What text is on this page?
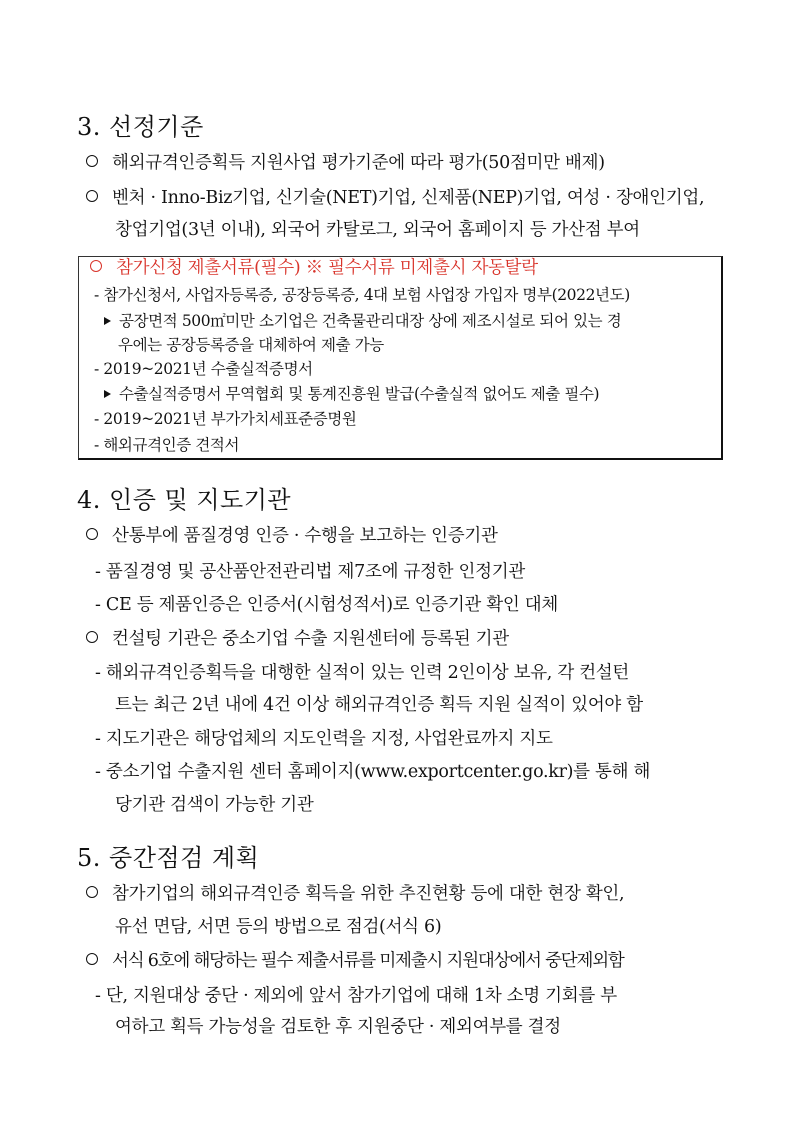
3. 선정기준
해외규격인증획득 지원사업 평가기준에 따라 평가(50점미만 배제)
벤처 · Inno-Biz기업, 신기술(NET)기업, 신제품(NEP)기업, 여성 · 장애인기업,
창업기업(3년 이내), 외국어 카탈로그, 외국어 홈페이지 등 가산점 부여
참가신청 제출서류(필수) ※ 필수서류 미제출시 자동탈락
- 참가신청서, 사업자등록증, 공장등록증, 4대 보험 사업장 가입자 명부(2022년도)
공장면적 500㎡미만 소기업은 건축물관리대장 상에 제조시설로 되어 있는 경
우에는 공장등록증을 대체하여 제출 가능
- 2019~2021년 수출실적증명서
수출실적증명서 무역협회 및 통계진흥원 발급(수출실적 없어도 제출 필수)
- 2019~2021년 부가가치세표준증명원
- 해외규격인증 견적서
4. 인증 및 지도기관
산통부에 품질경영 인증 · 수행을 보고하는 인증기관
- 품질경영 및 공산품안전관리법 제7조에 규정한 인정기관
- CE 등 제품인증은 인증서(시험성적서)로 인증기관 확인 대체
컨설팅 기관은 중소기업 수출 지원센터에 등록된 기관
- 해외규격인증획득을 대행한 실적이 있는 인력 2인이상 보유, 각 컨설턴
트는 최근 2년 내에 4건 이상 해외규격인증 획득 지원 실적이 있어야 함
- 지도기관은 해당업체의 지도인력을 지정, 사업완료까지 지도
- 중소기업 수출지원 센터 홈페이지(www.exportcenter.go.kr)를 통해 해
당기관 검색이 가능한 기관
5. 중간점검 계획
참가기업의 해외규격인증 획득을 위한 추진현황 등에 대한 현장 확인,
유선 면담, 서면 등의 방법으로 점검(서식 6)
서식 6호에 해당하는 필수 제출서류를 미제출시 지원대상에서 중단제외함
- 단, 지원대상 중단 · 제외에 앞서 참가기업에 대해 1차 소명 기회를 부
여하고 획득 가능성을 검토한 후 지원중단 · 제외여부를 결정
